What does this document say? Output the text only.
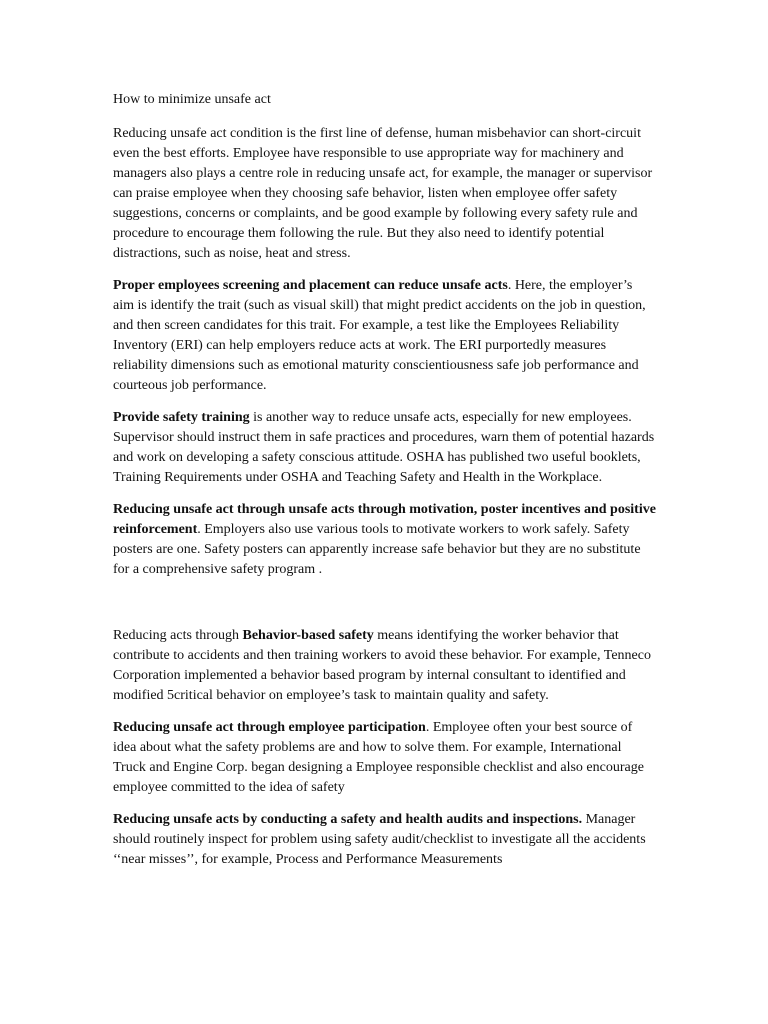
How to minimize unsafe act

Reducing unsafe act condition is the first line of defense, human misbehavior can short-circuit even the best efforts. Employee have responsible to use appropriate way for machinery and managers also plays a centre role in reducing unsafe act, for example, the manager or supervisor can praise employee when they choosing safe behavior, listen when employee offer safety suggestions, concerns or complaints, and be good example by following every safety rule and procedure to encourage them following the rule. But they also need to identify potential distractions, such as noise, heat and stress.

Proper employees screening and placement can reduce unsafe acts. Here, the employer’s aim is identify the trait (such as visual skill) that might predict accidents on the job in question, and then screen candidates for this trait. For example, a test like the Employees Reliability Inventory (ERI) can help employers reduce acts at work. The ERI purportedly measures reliability dimensions such as emotional maturity conscientiousness safe job performance and courteous job performance.

Provide safety training is another way to reduce unsafe acts, especially for new employees. Supervisor should instruct them in safe practices and procedures, warn them of potential hazards and work on developing a safety conscious attitude. OSHA has published two useful booklets, Training Requirements under OSHA and Teaching Safety and Health in the Workplace.

Reducing unsafe act through unsafe acts through motivation, poster incentives and positive reinforcement. Employers also use various tools to motivate workers to work safely. Safety posters are one. Safety posters can apparently increase safe behavior but they are no substitute for a comprehensive safety program .

Reducing acts through Behavior-based safety means identifying the worker behavior that contribute to accidents and then training workers to avoid these behavior. For example, Tenneco Corporation implemented a behavior based program by internal consultant to identified and modified 5critical behavior on employee’s task to maintain quality and safety.

Reducing unsafe act through employee participation. Employee often your best source of idea about what the safety problems are and how to solve them. For example, International Truck and Engine Corp. began designing a Employee responsible checklist and also encourage employee committed to the idea of safety

Reducing unsafe acts by conducting a safety and health audits and inspections. Manager should routinely inspect for problem using safety audit/checklist to investigate all the accidents ‘‘near misses’’, for example, Process and Performance Measurements
